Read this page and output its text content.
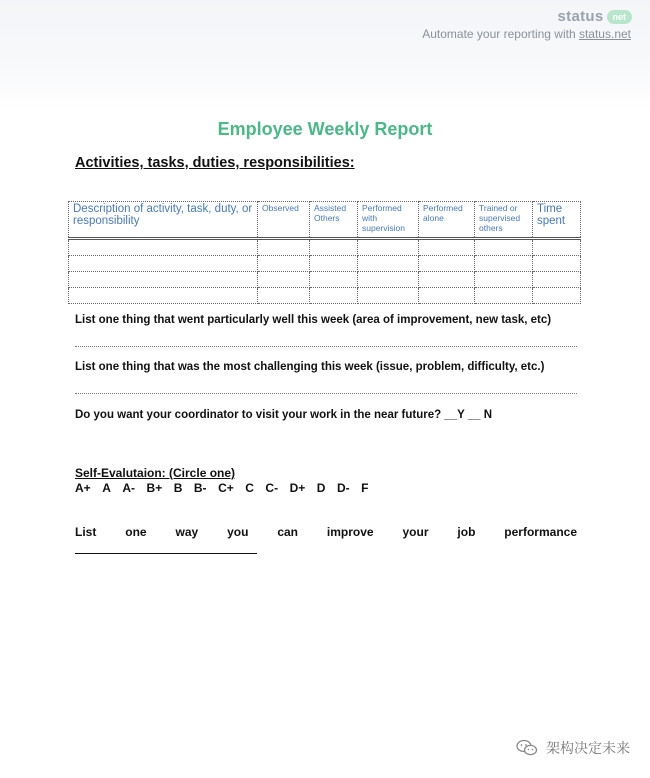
status	net
Automate your reporting with status.net
Employee Weekly Report
Activities, tasks, duties, responsibilities:
Description of activity, task, duty, or responsibility	Observed	Assisted Others	Performed with supervision	Performed alone	Trained or supervised others	Time spent

List one thing that went particularly well this week (area of improvement, new task, etc)
List one thing that was the most challenging this week (issue, problem, difficulty, etc.)
Do you want your coordinator to visit your work in the near future? __Y __ N
Self-Evalutaion: (Circle one)
A+ A A- B+ B B- C+ C C- D+ D D- F
List one way you can improve your job performance
架构决定未来
